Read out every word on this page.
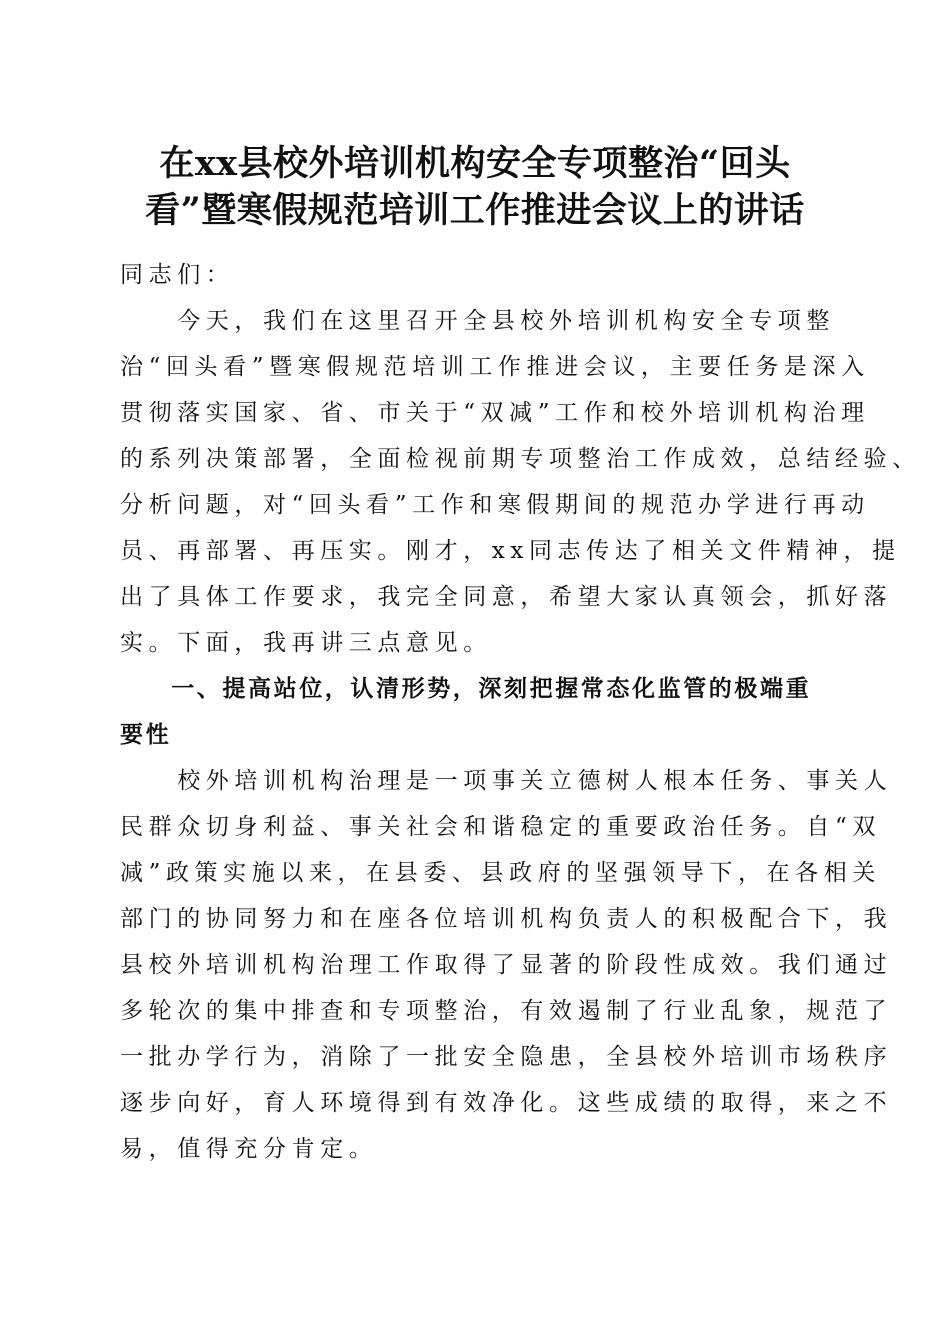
在xx县校外培训机构安全专项整治“回头
看”暨寒假规范培训工作推进会议上的讲话
同志们：
　　今天，我们在这里召开全县校外培训机构安全专项整
治“回头看”暨寒假规范培训工作推进会议，主要任务是深入
贯彻落实国家、省、市关于“双减”工作和校外培训机构治理
的系列决策部署，全面检视前期专项整治工作成效，总结经验、
分析问题，对“回头看”工作和寒假期间的规范办学进行再动
员、再部署、再压实。刚才，xx同志传达了相关文件精神，提
出了具体工作要求，我完全同意，希望大家认真领会，抓好落
实。下面，我再讲三点意见。
　　一、提高站位，认清形势，深刻把握常态化监管的极端重
要性
　　校外培训机构治理是一项事关立德树人根本任务、事关人
民群众切身利益、事关社会和谐稳定的重要政治任务。自“双
减”政策实施以来，在县委、县政府的坚强领导下，在各相关
部门的协同努力和在座各位培训机构负责人的积极配合下，我
县校外培训机构治理工作取得了显著的阶段性成效。我们通过
多轮次的集中排查和专项整治，有效遏制了行业乱象，规范了
一批办学行为，消除了一批安全隐患，全县校外培训市场秩序
逐步向好，育人环境得到有效净化。这些成绩的取得，来之不
易，值得充分肯定。
